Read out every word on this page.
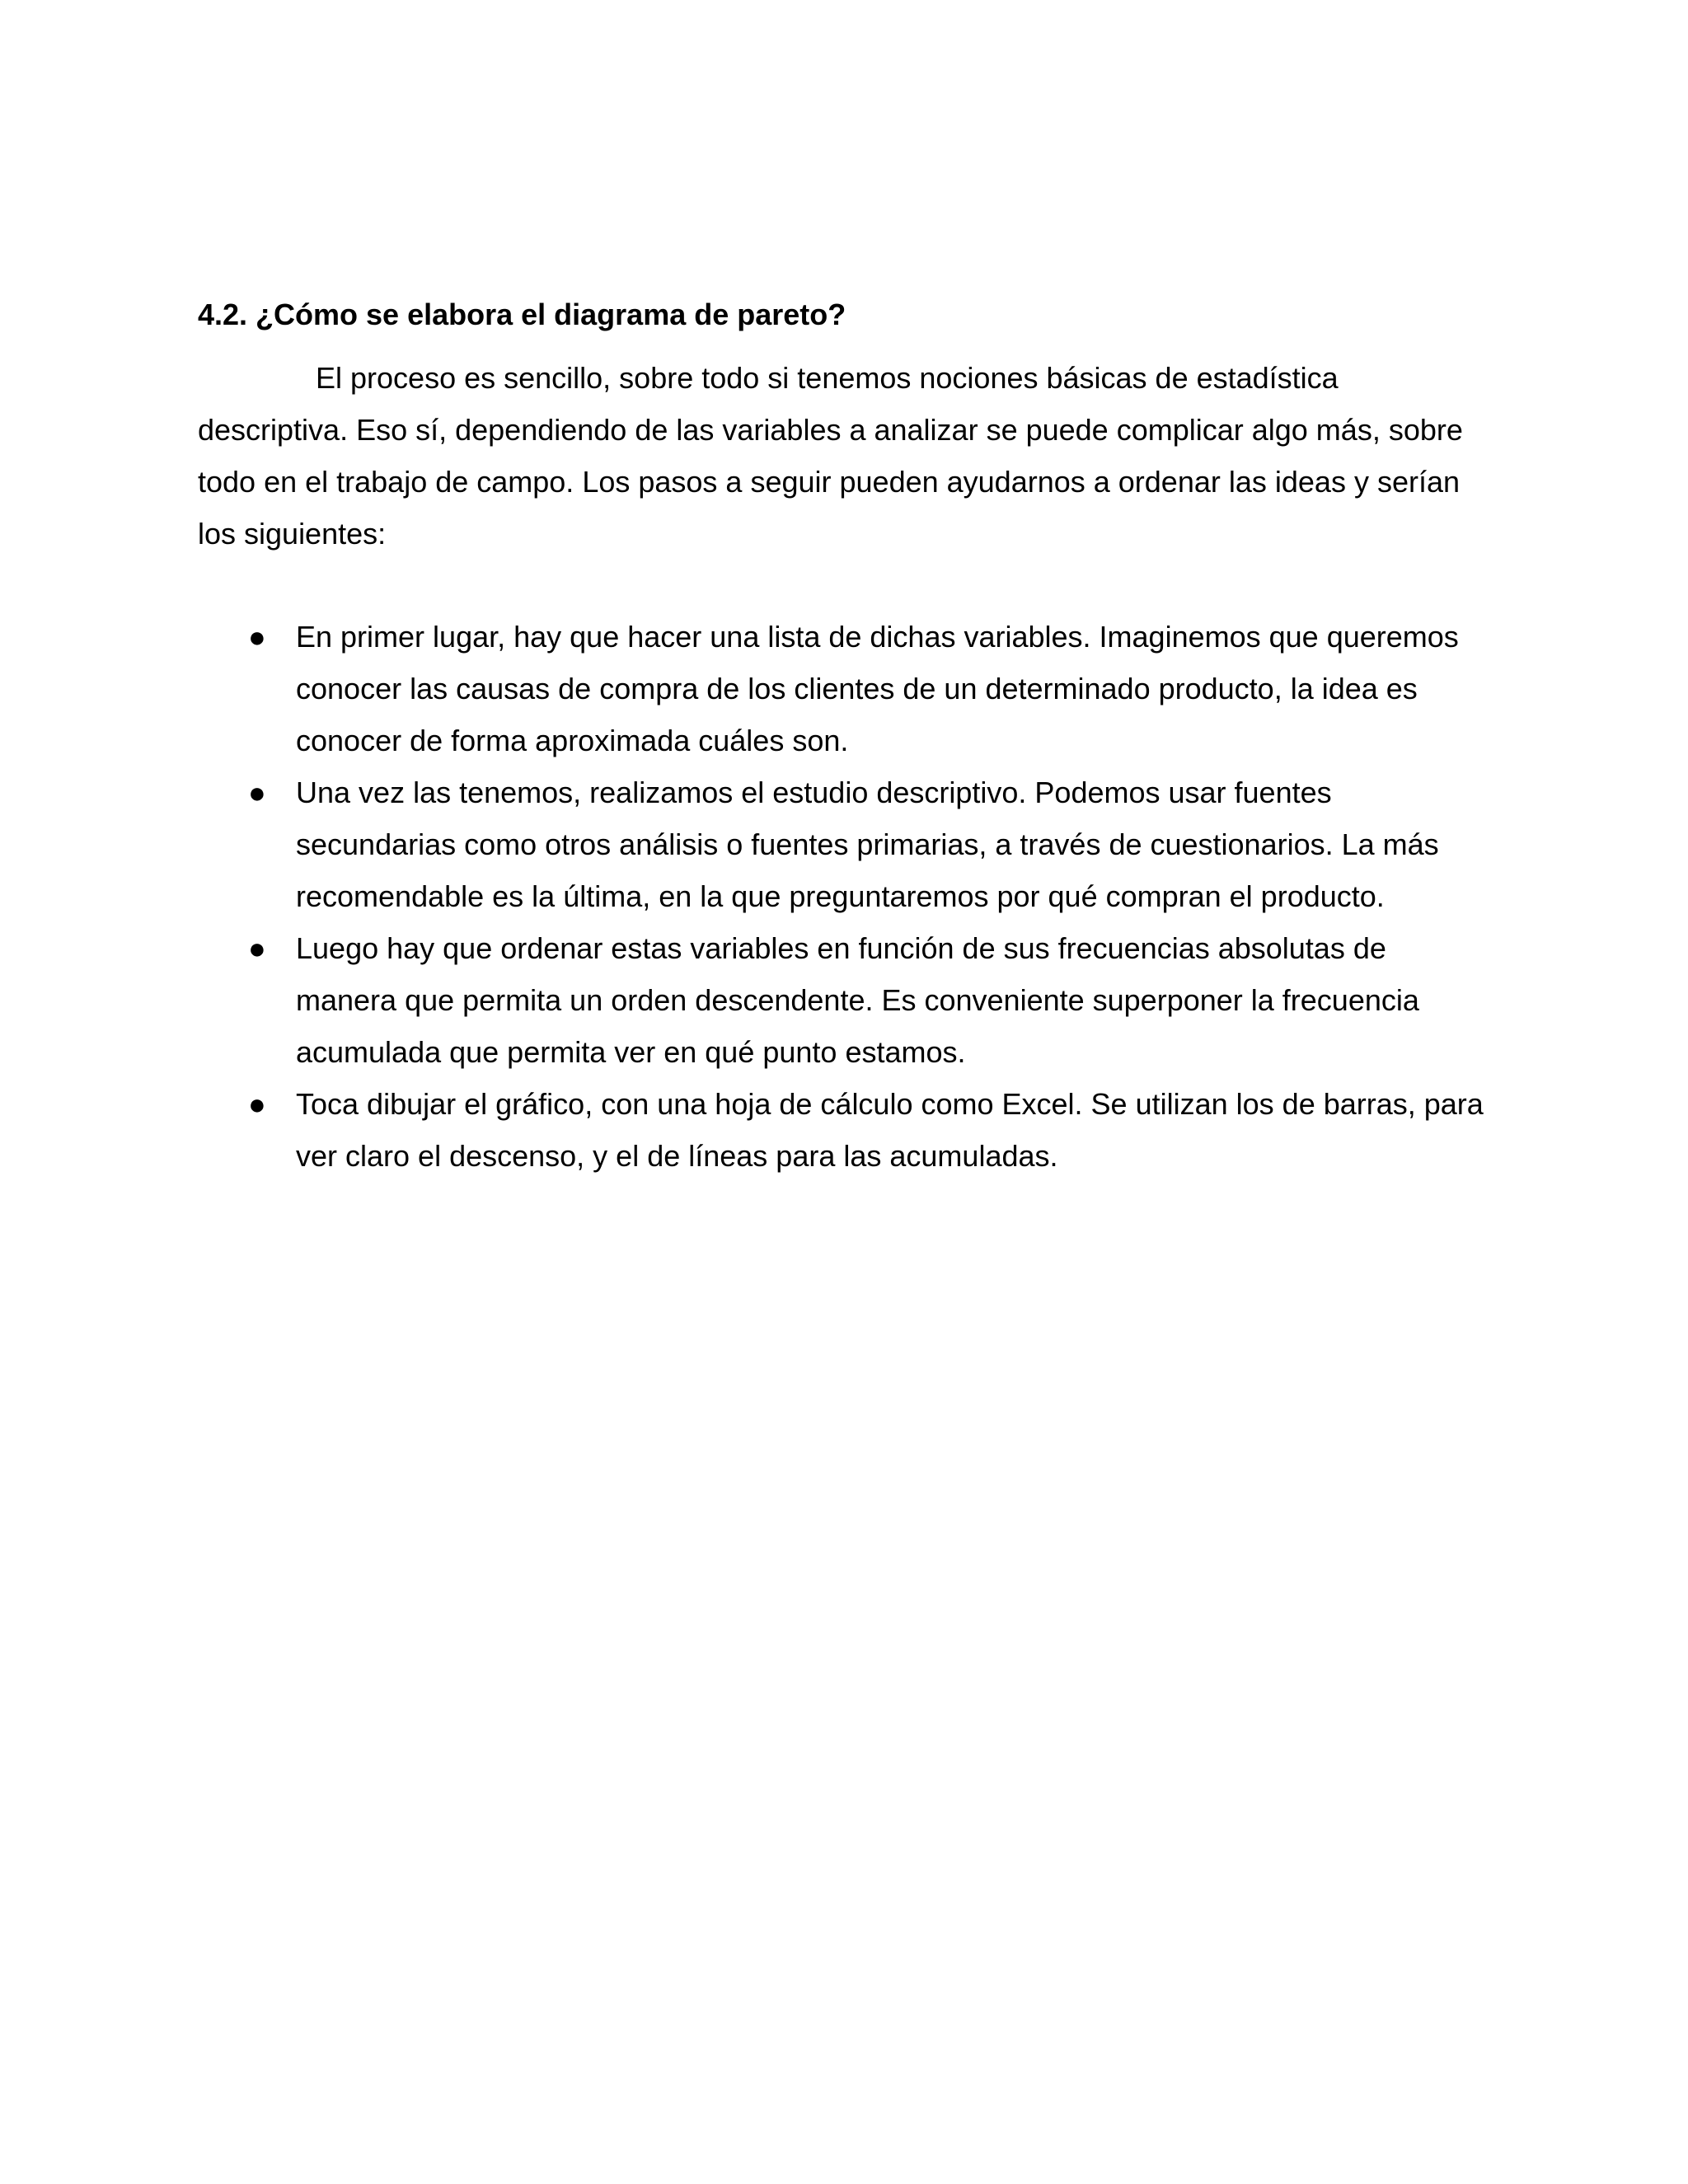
4.2. ¿Cómo se elabora el diagrama de pareto?

El proceso es sencillo, sobre todo si tenemos nociones básicas de estadística descriptiva. Eso sí, dependiendo de las variables a analizar se puede complicar algo más, sobre todo en el trabajo de campo. Los pasos a seguir pueden ayudarnos a ordenar las ideas y serían los siguientes:

● En primer lugar, hay que hacer una lista de dichas variables. Imaginemos que queremos conocer las causas de compra de los clientes de un determinado producto, la idea es conocer de forma aproximada cuáles son.
● Una vez las tenemos, realizamos el estudio descriptivo. Podemos usar fuentes secundarias como otros análisis o fuentes primarias, a través de cuestionarios. La más recomendable es la última, en la que preguntaremos por qué compran el producto.
● Luego hay que ordenar estas variables en función de sus frecuencias absolutas de manera que permita un orden descendente. Es conveniente superponer la frecuencia acumulada que permita ver en qué punto estamos.
● Toca dibujar el gráfico, con una hoja de cálculo como Excel. Se utilizan los de barras, para ver claro el descenso, y el de líneas para las acumuladas.
